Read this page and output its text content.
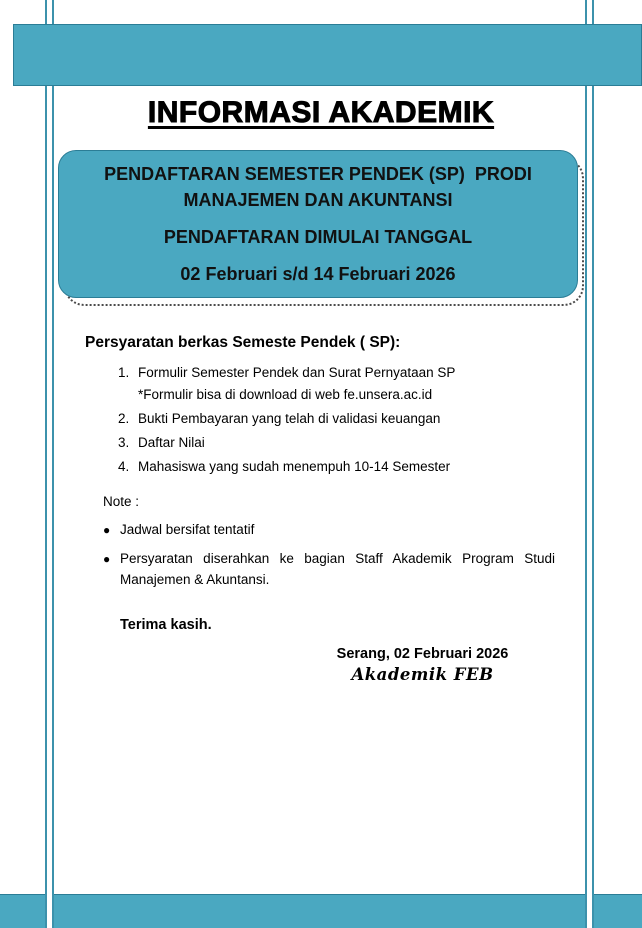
INFORMASI AKADEMIK

PENDAFTARAN SEMESTER PENDEK (SP)  PRODI

MANAJEMEN DAN AKUNTANSI

PENDAFTARAN DIMULAI TANGGAL

02 Februari s/d 14 Februari 2026

Persyaratan berkas Semeste Pendek ( SP):
1. Formulir Semester Pendek dan Surat Pernyataan SP
*Formulir bisa di download di web fe.unsera.ac.id
2. Bukti Pembayaran yang telah di validasi keuangan
3. Daftar Nilai
4. Mahasiswa yang sudah menempuh 10-14 Semester
Note :
● Jadwal bersifat tentatif
● Persyaratan diserahkan ke bagian Staff Akademik Program Studi Manajemen & Akuntansi.
Terima kasih.
Serang, 02 Februari 2026
Akademik FEB
